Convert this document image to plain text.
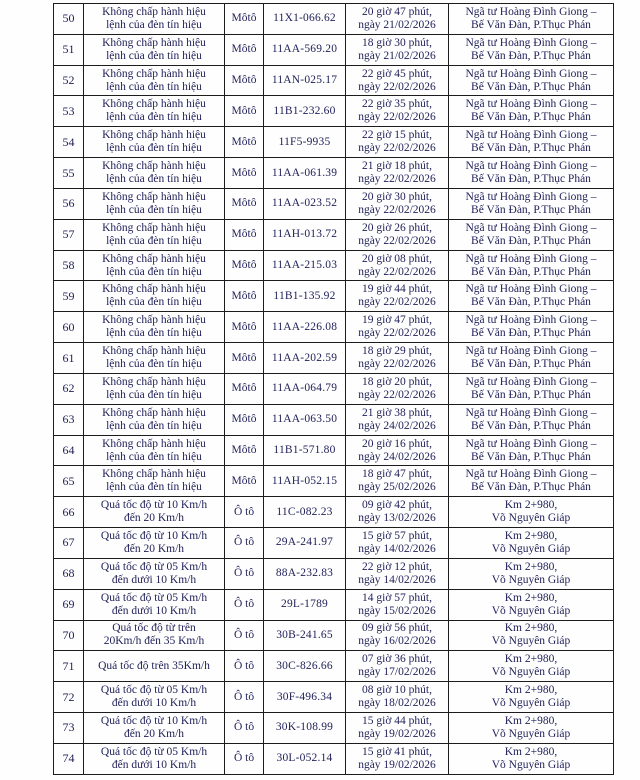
50	Không chấp hành hiệu
lệnh của đèn tín hiệu	Môtô	11X1-066.62	20 giờ 47 phút,
ngày 21/02/2026	Ngã tư Hoàng Đình Giong –
Bế Văn Đàn, P.Thục Phán
51	Không chấp hành hiệu
lệnh của đèn tín hiệu	Môtô	11AA-569.20	18 giờ 30 phút,
ngày 21/02/2026	Ngã tư Hoàng Đình Giong –
Bế Văn Đàn, P.Thục Phán
52	Không chấp hành hiệu
lệnh của đèn tín hiệu	Môtô	11AN-025.17	22 giờ 45 phút,
ngày 22/02/2026	Ngã tư Hoàng Đình Giong –
Bế Văn Đàn, P.Thục Phán
53	Không chấp hành hiệu
lệnh của đèn tín hiệu	Môtô	11B1-232.60	22 giờ 35 phút,
ngày 22/02/2026	Ngã tư Hoàng Đình Giong –
Bế Văn Đàn, P.Thục Phán
54	Không chấp hành hiệu
lệnh của đèn tín hiệu	Môtô	11F5-9935	22 giờ 15 phút,
ngày 22/02/2026	Ngã tư Hoàng Đình Giong –
Bế Văn Đàn, P.Thục Phán
55	Không chấp hành hiệu
lệnh của đèn tín hiệu	Môtô	11AA-061.39	21 giờ 18 phút,
ngày 22/02/2026	Ngã tư Hoàng Đình Giong –
Bế Văn Đàn, P.Thục Phán
56	Không chấp hành hiệu
lệnh của đèn tín hiệu	Môtô	11AA-023.52	20 giờ 30 phút,
ngày 22/02/2026	Ngã tư Hoàng Đình Giong –
Bế Văn Đàn, P.Thục Phán
57	Không chấp hành hiệu
lệnh của đèn tín hiệu	Môtô	11AH-013.72	20 giờ 26 phút,
ngày 22/02/2026	Ngã tư Hoàng Đình Giong –
Bế Văn Đàn, P.Thục Phán
58	Không chấp hành hiệu
lệnh của đèn tín hiệu	Môtô	11AA-215.03	20 giờ 08 phút,
ngày 22/02/2026	Ngã tư Hoàng Đình Giong –
Bế Văn Đàn, P.Thục Phán
59	Không chấp hành hiệu
lệnh của đèn tín hiệu	Môtô	11B1-135.92	19 giờ 44 phút,
ngày 22/02/2026	Ngã tư Hoàng Đình Giong –
Bế Văn Đàn, P.Thục Phán
60	Không chấp hành hiệu
lệnh của đèn tín hiệu	Môtô	11AA-226.08	19 giờ 47 phút,
ngày 22/02/2026	Ngã tư Hoàng Đình Giong –
Bế Văn Đàn, P.Thục Phán
61	Không chấp hành hiệu
lệnh của đèn tín hiệu	Môtô	11AA-202.59	18 giờ 29 phút,
ngày 22/02/2026	Ngã tư Hoàng Đình Giong –
Bế Văn Đàn, P.Thục Phán
62	Không chấp hành hiệu
lệnh của đèn tín hiệu	Môtô	11AA-064.79	18 giờ 20 phút,
ngày 22/02/2026	Ngã tư Hoàng Đình Giong –
Bế Văn Đàn, P.Thục Phán
63	Không chấp hành hiệu
lệnh của đèn tín hiệu	Môtô	11AA-063.50	21 giờ 38 phút,
ngày 24/02/2026	Ngã tư Hoàng Đình Giong –
Bế Văn Đàn, P.Thục Phán
64	Không chấp hành hiệu
lệnh của đèn tín hiệu	Môtô	11B1-571.80	20 giờ 16 phút,
ngày 24/02/2026	Ngã tư Hoàng Đình Giong –
Bế Văn Đàn, P.Thục Phán
65	Không chấp hành hiệu
lệnh của đèn tín hiệu	Môtô	11AH-052.15	18 giờ 47 phút,
ngày 25/02/2026	Ngã tư Hoàng Đình Giong –
Bế Văn Đàn, P.Thục Phán
66	Quá tốc độ từ 10 Km/h
đến 20 Km/h	Ô tô	11C-082.23	09 giờ 42 phút,
ngày 13/02/2026	Km 2+980,
Võ Nguyên Giáp
67	Quá tốc độ từ 10 Km/h
đến 20 Km/h	Ô tô	29A-241.97	15 giờ 57 phút,
ngày 14/02/2026	Km 2+980,
Võ Nguyên Giáp
68	Quá tốc độ từ 05 Km/h
đến dưới 10 Km/h	Ô tô	88A-232.83	22 giờ 12 phút,
ngày 14/02/2026	Km 2+980,
Võ Nguyên Giáp
69	Quá tốc độ từ 05 Km/h
đến dưới 10 Km/h	Ô tô	29L-1789	14 giờ 57 phút,
ngày 15/02/2026	Km 2+980,
Võ Nguyên Giáp
70	Quá tốc độ từ trên
20Km/h đến 35 Km/h	Ô tô	30B-241.65	09 giờ 56 phút,
ngày 16/02/2026	Km 2+980,
Võ Nguyên Giáp
71	Quá tốc độ trên 35Km/h	Ô tô	30C-826.66	07 giờ 36 phút,
ngày 17/02/2026	Km 2+980,
Võ Nguyên Giáp
72	Quá tốc độ từ 05 Km/h
đến dưới 10 Km/h	Ô tô	30F-496.34	08 giờ 10 phút,
ngày 18/02/2026	Km 2+980,
Võ Nguyên Giáp
73	Quá tốc độ từ 10 Km/h
đến 20 Km/h	Ô tô	30K-108.99	15 giờ 44 phút,
ngày 19/02/2026	Km 2+980,
Võ Nguyên Giáp
74	Quá tốc độ từ 05 Km/h
đến dưới 10 Km/h	Ô tô	30L-052.14	15 giờ 41 phút,
ngày 19/02/2026	Km 2+980,
Võ Nguyên Giáp
